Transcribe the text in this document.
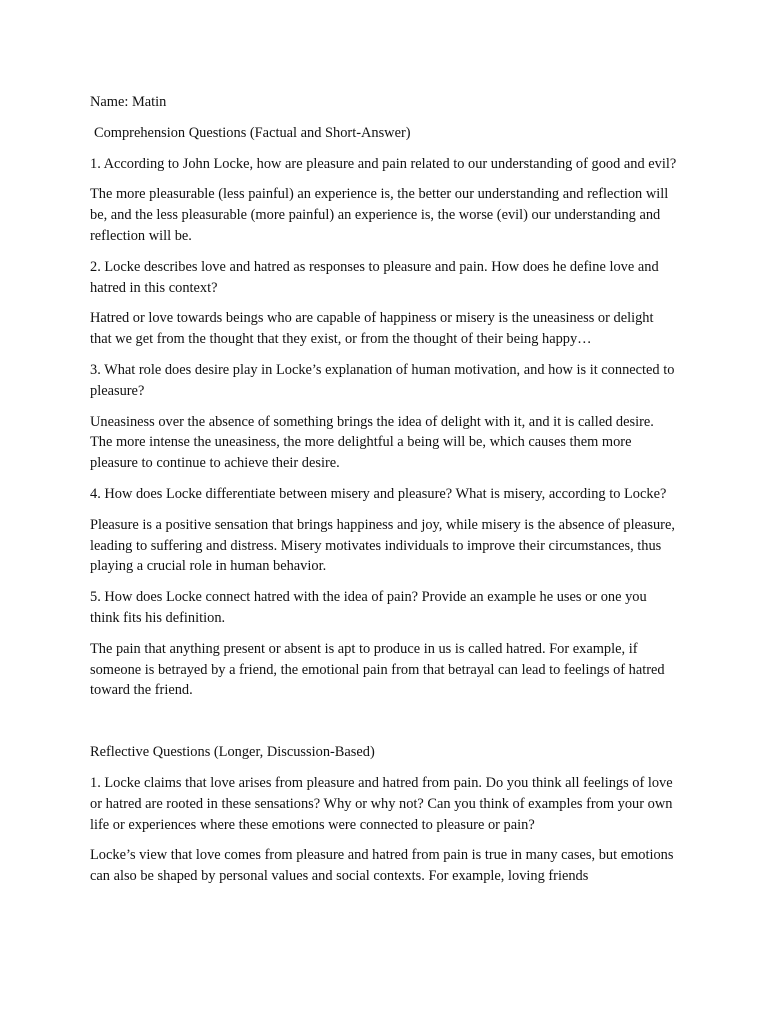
Name: Matin

Comprehension Questions (Factual and Short-Answer)

1. According to John Locke, how are pleasure and pain related to our understanding of good and evil?

The more pleasurable (less painful) an experience is, the better our understanding and reflection will be, and the less pleasurable (more painful) an experience is, the worse (evil) our understanding and reflection will be.

2. Locke describes love and hatred as responses to pleasure and pain. How does he define love and hatred in this context?

Hatred or love towards beings who are capable of happiness or misery is the uneasiness or delight that we get from the thought that they exist, or from the thought of their being happy…

3. What role does desire play in Locke’s explanation of human motivation, and how is it connected to pleasure?

Uneasiness over the absence of something brings the idea of delight with it, and it is called desire. The more intense the uneasiness, the more delightful a being will be, which causes them more pleasure to continue to achieve their desire.

4. How does Locke differentiate between misery and pleasure? What is misery, according to Locke?

Pleasure is a positive sensation that brings happiness and joy, while misery is the absence of pleasure, leading to suffering and distress. Misery motivates individuals to improve their circumstances, thus playing a crucial role in human behavior.

5. How does Locke connect hatred with the idea of pain? Provide an example he uses or one you think fits his definition.

The pain that anything present or absent is apt to produce in us is called hatred. For example, if someone is betrayed by a friend, the emotional pain from that betrayal can lead to feelings of hatred toward the friend.

Reflective Questions (Longer, Discussion-Based)

1. Locke claims that love arises from pleasure and hatred from pain. Do you think all feelings of love or hatred are rooted in these sensations? Why or why not? Can you think of examples from your own life or experiences where these emotions were connected to pleasure or pain?

Locke’s view that love comes from pleasure and hatred from pain is true in many cases, but emotions can also be shaped by personal values and social contexts. For example, loving friends
